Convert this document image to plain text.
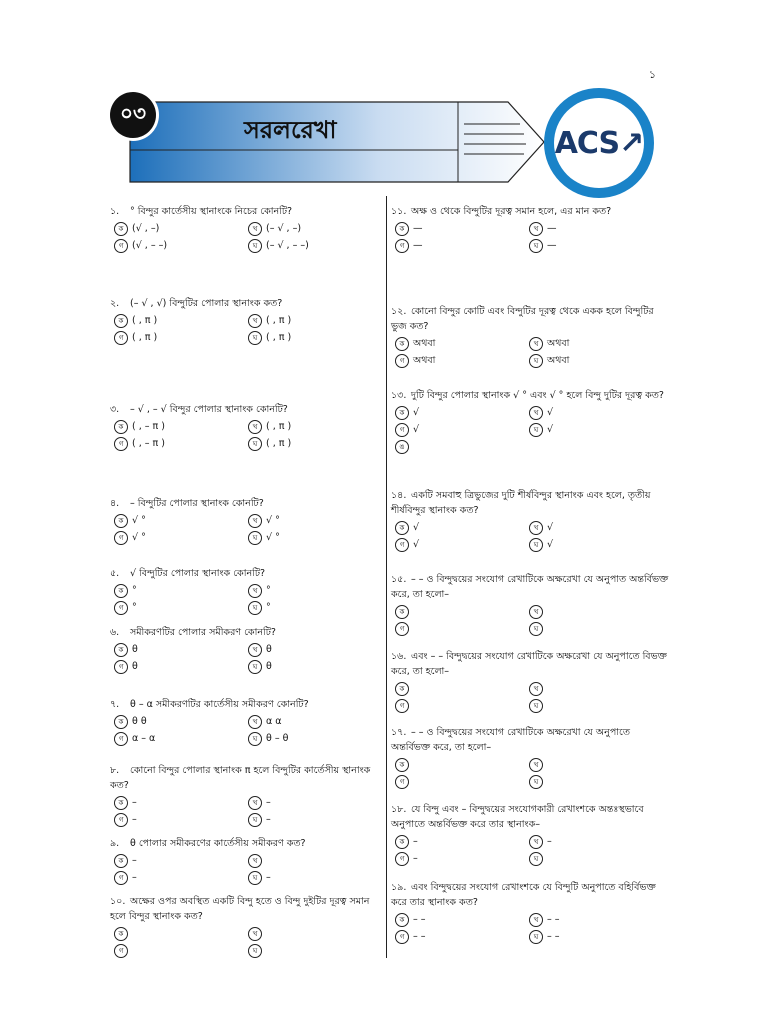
১
০৩
সরলরেখা	ACS ↗
১. ° বিন্দুর কার্তেসীয় স্থানাংকে নিচের কোনটি?
ক (√ , –)	খ (– √ , –)
গ (√ , – –)	ঘ (– √ , – –)
২. (– √ , √) বিন্দুটির পোলার স্থানাংক কত?
ক ( , π )	খ ( , π )
গ ( , π )	ঘ ( , π )
৩. – √ , – √ বিন্দুর পোলার স্থানাংক কোনটি?
ক ( , – π )	খ ( , π )
গ ( , – π )	ঘ ( , π )
৪. – বিন্দুটির পোলার স্থানাংক কোনটি?
ক √ °	খ √ °
গ √ °	ঘ √ °
৫. √ বিন্দুটির পোলার স্থানাংক কোনটি?
ক °	খ °
গ °	ঘ °
৬. সমীকরণটির পোলার সমীকরণ কোনটি?
ক θ	খ θ
গ θ	ঘ θ
৭. θ – α সমীকরণটির কার্তেসীয় সমীকরণ কোনটি?
ক θ θ	খ α α
গ α – α	ঘ θ – θ
৮. কোনো বিন্দুর পোলার স্থানাংক π হলে বিন্দুটির কার্তেসীয় স্থানাংক কত?
ক –	খ –
গ –	ঘ –
৯. θ পোলার সমীকরণের কার্তেসীয় সমীকরণ কত?
ক –	খ
গ –	ঘ –
১০. অক্ষের ওপর অবস্থিত একটি বিন্দু হতে ও বিন্দু দুইটির দূরত্ব সমান হলে বিন্দুর স্থানাংক কত?
ক	খ
গ	ঘ
১১. অক্ষ ও থেকে বিন্দুটির দূরত্ব সমান হলে, এর মান কত?
ক —	খ —
গ —	ঘ —
১২. কোনো বিন্দুর কোটি এবং বিন্দুটির দূরত্ব থেকে একক হলে বিন্দুটির ভুজ কত?
ক অথবা	খ অথবা
গ অথবা	ঘ অথবা
১৩. দুটি বিন্দুর পোলার স্থানাংক √ ° এবং √ ° হলে বিন্দু দুটির দূরত্ব কত?
ক √	খ √
গ √	ঘ √
ঙ
১৪. একটি সমবাহু ত্রিভুজের দুটি শীর্ষবিন্দুর স্থানাংক এবং হলে, তৃতীয় শীর্ষবিন্দুর স্থানাংক কত?
ক √	খ √
গ √	ঘ √
১৫. – – ও বিন্দুদ্বয়ের সংযোগ রেখাটিকে অক্ষরেখা যে অনুপাত অন্তর্বিভক্ত করে, তা হলো–
ক	খ
গ	ঘ
১৬. এবং – – বিন্দুদ্বয়ের সংযোগ রেখাটিকে অক্ষরেখা যে অনুপাতে বিভক্ত করে, তা হলো–
ক	খ
গ	ঘ
১৭. – – ও বিন্দুদ্বয়ের সংযোগ রেখাটিকে অক্ষরেখা যে অনুপাতে অন্তর্বিভক্ত করে, তা হলো–
ক	খ
গ	ঘ
১৮. যে বিন্দু এবং – বিন্দুদ্বয়ের সংযোগকারী রেখাংশকে অন্তঃস্থভাবে অনুপাতে অন্তর্বিভক্ত করে তার স্থানাংক–
ক –	খ –
গ –	ঘ
১৯. এবং বিন্দুদ্বয়ের সংযোগ রেখাংশকে যে বিন্দুটি অনুপাতে বহির্বিভক্ত করে তার স্থানাংক কত?
ক – –	খ – –
গ – –	ঘ – –
